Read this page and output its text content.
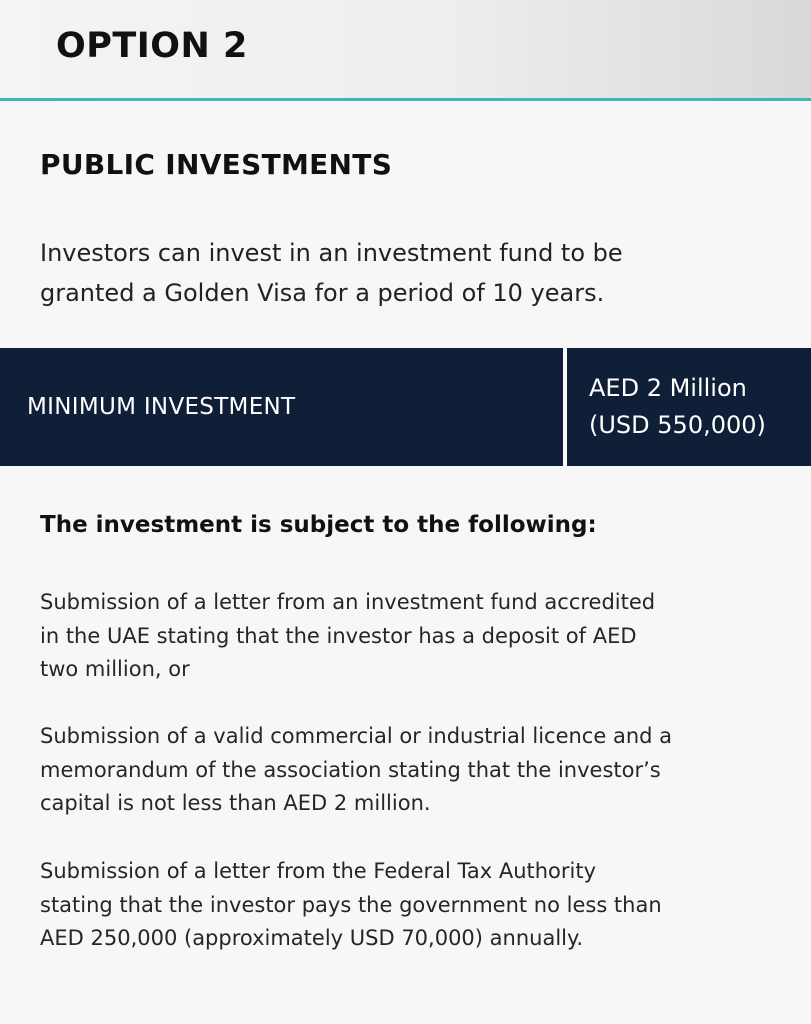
OPTION 2
PUBLIC INVESTMENTS
Investors can invest in an investment fund to be
granted a Golden Visa for a period of 10 years.
MINIMUM INVESTMENT
AED 2 Million
(USD 550,000)
The investment is subject to the following:
Submission of a letter from an investment fund accredited
in the UAE stating that the investor has a deposit of AED
two million, or
Submission of a valid commercial or industrial licence and a
memorandum of the association stating that the investor’s
capital is not less than AED 2 million.
Submission of a letter from the Federal Tax Authority
stating that the investor pays the government no less than
AED 250,000 (approximately USD 70,000) annually.
